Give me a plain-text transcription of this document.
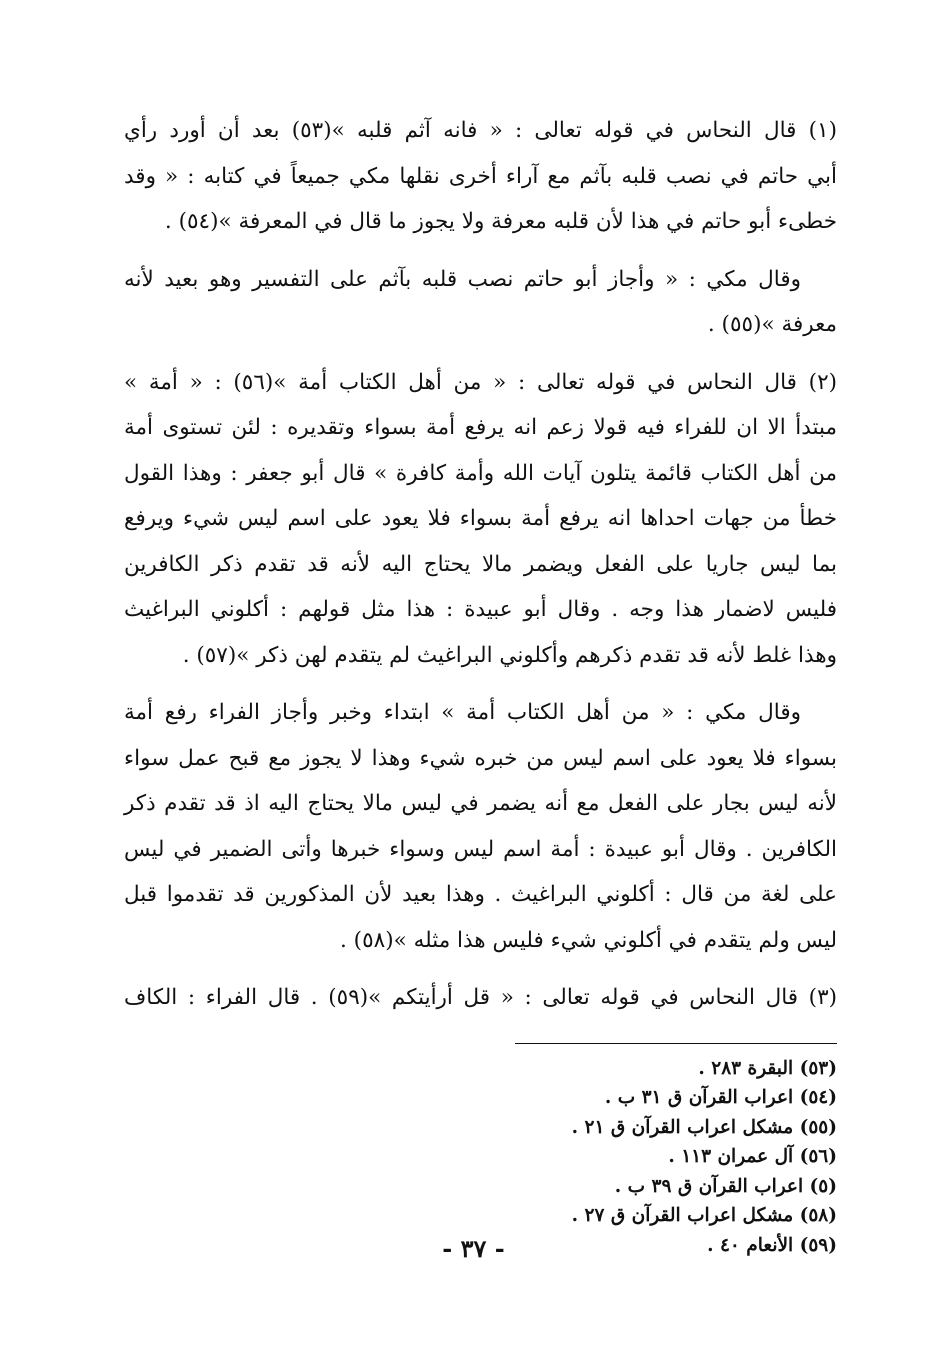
(١) قال النحاس في قوله تعالى : « فانه آثم قلبه »(٥٣) بعد أن أورد رأي
أبي حاتم في نصب قلبه بآثم مع آراء أخرى نقلها مكي جميعاً في كتابه : « وقد
خطىء أبو حاتم في هذا لأن قلبه معرفة ولا يجوز ما قال في المعرفة »(٥٤) .
وقال مكي : « وأجاز أبو حاتم نصب قلبه بآثم على التفسير وهو بعيد لأنه
معرفة »(٥٥) .
(٢) قال النحاس في قوله تعالى : « من أهل الكتاب أمة »(٥٦) : « أمة »
مبتدأ الا ان للفراء فيه قولا زعم انه يرفع أمة بسواء وتقديره : لئن تستوى أمة
من أهل الكتاب قائمة يتلون آيات الله وأمة كافرة » قال أبو جعفر : وهذا القول
خطأ من جهات احداها انه يرفع أمة بسواء فلا يعود على اسم ليس شيء ويرفع
بما ليس جاريا على الفعل ويضمر مالا يحتاج اليه لأنه قد تقدم ذكر الكافرين
فليس لاضمار هذا وجه . وقال أبو عبيدة : هذا مثل قولهم : أكلوني البراغيث
وهذا غلط لأنه قد تقدم ذكرهم وأكلوني البراغيث لم يتقدم لهن ذكر »(٥٧) .
وقال مكي : « من أهل الكتاب أمة » ابتداء وخبر وأجاز الفراء رفع أمة
بسواء فلا يعود على اسم ليس من خبره شيء وهذا لا يجوز مع قبح عمل سواء
لأنه ليس بجار على الفعل مع أنه يضمر في ليس مالا يحتاج اليه اذ قد تقدم ذكر
الكافرين . وقال أبو عبيدة : أمة اسم ليس وسواء خبرها وأتى الضمير في ليس
على لغة من قال : أكلوني البراغيث . وهذا بعيد لأن المذكورين قد تقدموا قبل
ليس ولم يتقدم في أكلوني شيء فليس هذا مثله »(٥٨) .
(٣) قال النحاس في قوله تعالى : « قل أرأيتكم »(٥٩) . قال الفراء : الكاف
(٥٣) البقرة ٢٨٣ .
(٥٤) اعراب القرآن ق ٣١ ب .
(٥٥) مشكل اعراب القرآن ق ٢١ .
(٥٦) آل عمران ١١٣ .
(٥) اعراب القرآن ق ٣٩ ب .
(٥٨) مشكل اعراب القرآن ق ٢٧ .
(٥٩) الأنعام ٤٠ .
- ٣٧ -
